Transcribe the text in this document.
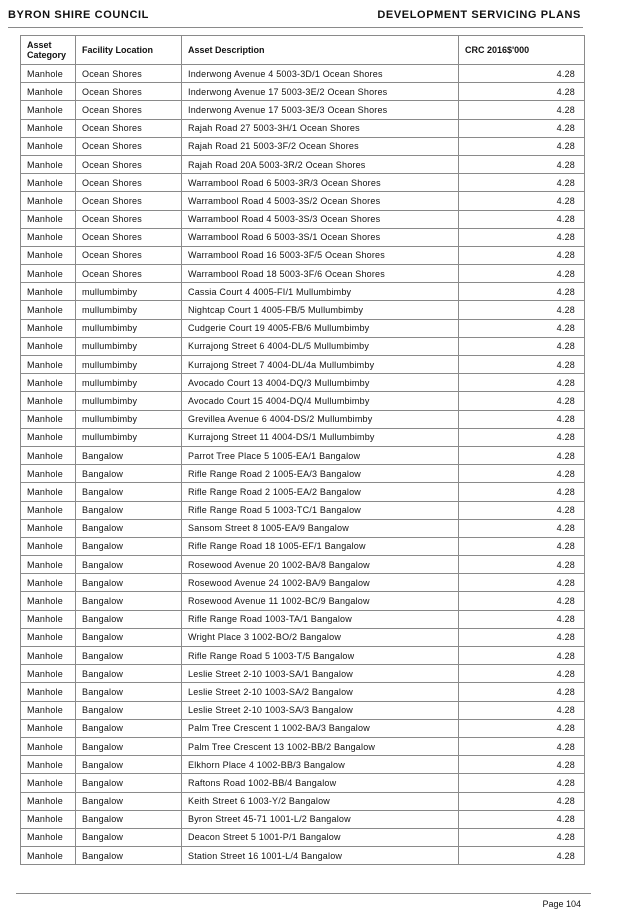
BYRON SHIRE COUNCIL	DEVELOPMENT SERVICING PLANS
Asset
Category	Facility Location	Asset Description	CRC 2016$'000
Manhole	Ocean Shores	Inderwong Avenue 4 5003-3D/1 Ocean Shores	4.28
Manhole	Ocean Shores	Inderwong Avenue 17 5003-3E/2 Ocean Shores	4.28
Manhole	Ocean Shores	Inderwong Avenue 17 5003-3E/3 Ocean Shores	4.28
Manhole	Ocean Shores	Rajah Road 27 5003-3H/1 Ocean Shores	4.28
Manhole	Ocean Shores	Rajah Road 21 5003-3F/2 Ocean Shores	4.28
Manhole	Ocean Shores	Rajah Road 20A 5003-3R/2 Ocean Shores	4.28
Manhole	Ocean Shores	Warrambool Road 6 5003-3R/3 Ocean Shores	4.28
Manhole	Ocean Shores	Warrambool Road 4 5003-3S/2 Ocean Shores	4.28
Manhole	Ocean Shores	Warrambool Road 4 5003-3S/3 Ocean Shores	4.28
Manhole	Ocean Shores	Warrambool Road 6 5003-3S/1 Ocean Shores	4.28
Manhole	Ocean Shores	Warrambool Road 16 5003-3F/5 Ocean Shores	4.28
Manhole	Ocean Shores	Warrambool Road 18 5003-3F/6 Ocean Shores	4.28
Manhole	mullumbimby	Cassia Court 4 4005-FI/1 Mullumbimby	4.28
Manhole	mullumbimby	Nightcap Court 1 4005-FB/5 Mullumbimby	4.28
Manhole	mullumbimby	Cudgerie Court 19 4005-FB/6 Mullumbimby	4.28
Manhole	mullumbimby	Kurrajong Street 6 4004-DL/5 Mullumbimby	4.28
Manhole	mullumbimby	Kurrajong Street 7 4004-DL/4a Mullumbimby	4.28
Manhole	mullumbimby	Avocado Court 13 4004-DQ/3 Mullumbimby	4.28
Manhole	mullumbimby	Avocado Court 15 4004-DQ/4 Mullumbimby	4.28
Manhole	mullumbimby	Grevillea Avenue 6 4004-DS/2 Mullumbimby	4.28
Manhole	mullumbimby	Kurrajong Street 11 4004-DS/1 Mullumbimby	4.28
Manhole	Bangalow	Parrot Tree Place 5 1005-EA/1 Bangalow	4.28
Manhole	Bangalow	Rifle Range Road 2 1005-EA/3 Bangalow	4.28
Manhole	Bangalow	Rifle Range Road 2 1005-EA/2 Bangalow	4.28
Manhole	Bangalow	Rifle Range Road 5 1003-TC/1 Bangalow	4.28
Manhole	Bangalow	Sansom Street 8 1005-EA/9 Bangalow	4.28
Manhole	Bangalow	Rifle Range Road 18 1005-EF/1 Bangalow	4.28
Manhole	Bangalow	Rosewood Avenue 20 1002-BA/8 Bangalow	4.28
Manhole	Bangalow	Rosewood Avenue 24 1002-BA/9 Bangalow	4.28
Manhole	Bangalow	Rosewood Avenue 11 1002-BC/9 Bangalow	4.28
Manhole	Bangalow	Rifle Range Road 1003-TA/1 Bangalow	4.28
Manhole	Bangalow	Wright Place 3 1002-BO/2 Bangalow	4.28
Manhole	Bangalow	Rifle Range Road 5 1003-T/5 Bangalow	4.28
Manhole	Bangalow	Leslie Street 2-10 1003-SA/1 Bangalow	4.28
Manhole	Bangalow	Leslie Street 2-10 1003-SA/2 Bangalow	4.28
Manhole	Bangalow	Leslie Street 2-10 1003-SA/3 Bangalow	4.28
Manhole	Bangalow	Palm Tree Crescent 1 1002-BA/3 Bangalow	4.28
Manhole	Bangalow	Palm Tree Crescent 13 1002-BB/2 Bangalow	4.28
Manhole	Bangalow	Elkhorn Place 4 1002-BB/3 Bangalow	4.28
Manhole	Bangalow	Raftons Road 1002-BB/4 Bangalow	4.28
Manhole	Bangalow	Keith Street 6 1003-Y/2 Bangalow	4.28
Manhole	Bangalow	Byron Street 45-71 1001-L/2 Bangalow	4.28
Manhole	Bangalow	Deacon Street 5 1001-P/1 Bangalow	4.28
Manhole	Bangalow	Station Street 16 1001-L/4 Bangalow	4.28
Page 104
